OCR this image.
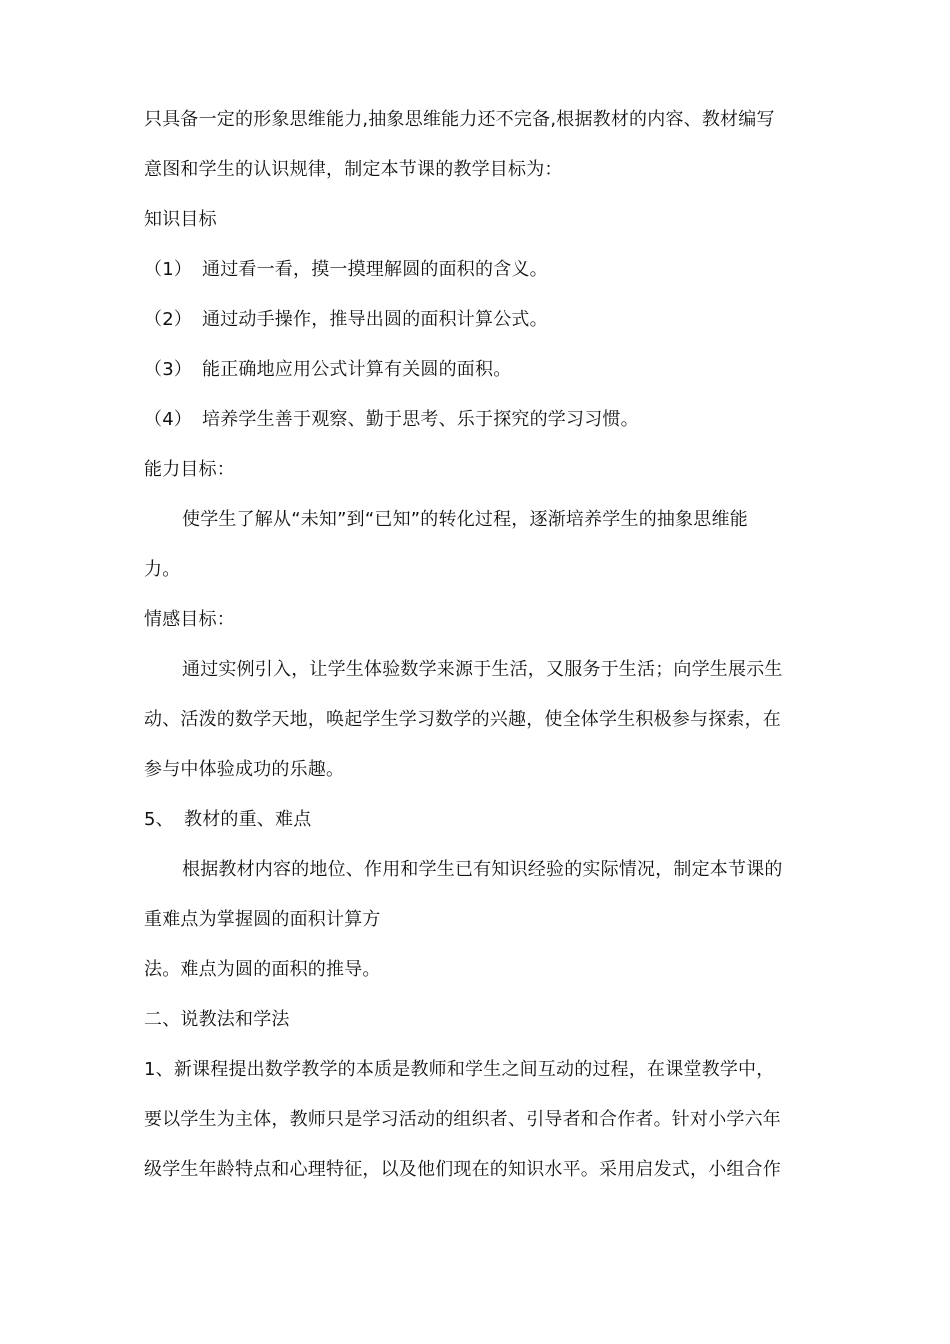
只具备一定的形象思维能力,抽象思维能力还不完备,根据教材的内容、教材编写
意图和学生的认识规律，制定本节课的教学目标为：
知识目标
（1） 通过看一看，摸一摸理解圆的面积的含义。
（2） 通过动手操作，推导出圆的面积计算公式。
（3） 能正确地应用公式计算有关圆的面积。
（4） 培养学生善于观察、勤于思考、乐于探究的学习习惯。
能力目标：
使学生了解从“未知”到“已知”的转化过程，逐渐培养学生的抽象思维能
力。
情感目标：
通过实例引入，让学生体验数学来源于生活，又服务于生活；向学生展示生
动、活泼的数学天地，唤起学生学习数学的兴趣，使全体学生积极参与探索，在
参与中体验成功的乐趣。
5、 教材的重、难点
根据教材内容的地位、作用和学生已有知识经验的实际情况，制定本节课的
重难点为掌握圆的面积计算方
法。难点为圆的面积的推导。
二、说教法和学法
1、新课程提出数学教学的本质是教师和学生之间互动的过程，在课堂教学中，
要以学生为主体，教师只是学习活动的组织者、引导者和合作者。针对小学六年
级学生年龄特点和心理特征，以及他们现在的知识水平。采用启发式，小组合作
